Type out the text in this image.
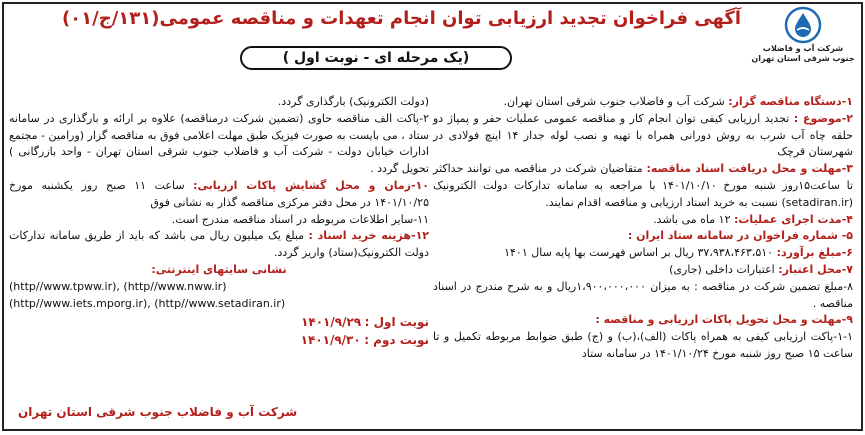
شرکت آب و فاضلاب
جنوب شرقی استان تهران
آگهی فراخوان تجدید ارزیابی توان انجام تعهدات و مناقصه عمومی(۱۳۱/ج/۰۱)
(یک مرحله ای - نوبت اول )

۱-دستگاه مناقصه گزار: شرکت آب و فاضلاب جنوب شرقی استان تهران.

۲-موضوع : تجدید ارزیابی کیفی توان انجام کار و مناقصه عمومی عملیات حفر و پمپاژ دو حلقه چاه آب شرب به روش دورانی همراه با تهیه و نصب لوله جدار ۱۴ اینچ فولادی در شهرستان قرچک

۳-مهلت و محل دریافت اسناد مناقصه: متقاضیان شرکت در مناقصه می توانند حداکثر تا ساعت۱۵روز شنبه مورخ ۱۴۰۱/۱۰/۱۰ با مراجعه به سامانه تدارکات دولت الکترونیک (setadiran.ir) نسبت به خرید اسناد ارزیابی و مناقصه اقدام نمایند.

۴-مدت اجرای عملیات: ۱۲ ماه می باشد.

۵- شماره فراخوان در سامانه ستاد ایران :

۶-مبلغ برآورد: ۳۷،۹۳۸،۴۶۳،۵۱۰ ریال بر اساس فهرست بها پایه سال ۱۴۰۱

۷-محل اعتبار: اعتبارات داخلی (جاری)

۸-مبلغ تضمین شرکت در مناقصه : به میزان ۱،۹۰۰،۰۰۰،۰۰۰ریال و به شرح مندرج در اسناد مناقصه .

۹-مهلت و محل تحویل پاکات ارزیابی و مناقصه :

۱-۱-پاکت ارزیابی کیفی به همراه پاکات (الف)،(ب) و (ج) طبق ضوابط مربوطه تکمیل و تا ساعت ۱۵ صبح روز شنبه مورخ ۱۴۰۱/۱۰/۲۴ در سامانه ستاد

(دولت الکترونیک) بارگذاری گردد.

۲-پاکت الف مناقصه حاوی (تضمین شرکت درمناقصه) علاوه بر ارائه و بارگذاری در سامانه ستاد ، می بایست به صورت فیزیک طبق مهلت اعلامی فوق به مناقصه گزار (ورامین - مجتمع ادارات خیابان دولت - شرکت آب و فاضلاب جنوب شرقی استان تهران - واحد بازرگانی ) تحویل گردد .

۱۰-زمان و محل گشایش پاکات ارزیابی: ساعت ۱۱ صبح روز یکشنبه مورخ ۱۴۰۱/۱۰/۲۵ در محل دفتر مرکزی مناقصه گذار به نشانی فوق

۱۱-سایر اطلاعات مربوطه در اسناد مناقصه مندرج است.

۱۲-هزینه خرید اسناد : مبلغ یک میلیون ریال می باشد که باید از طریق سامانه تدارکات دولت الکترونیک(ستاد) واریز گردد.

نشانی سایتهای اینترنتی:

(http//www.tpww.ir), (http//www.nww.ir)

(http//www.iets.mporg.ir), (http//www.setadiran.ir)

نوبت اول : ۱۴۰۱/۹/۲۹

نوبت دوم : ۱۴۰۱/۹/۳۰

شرکت آب و فاضلاب جنوب شرقی استان تهران
